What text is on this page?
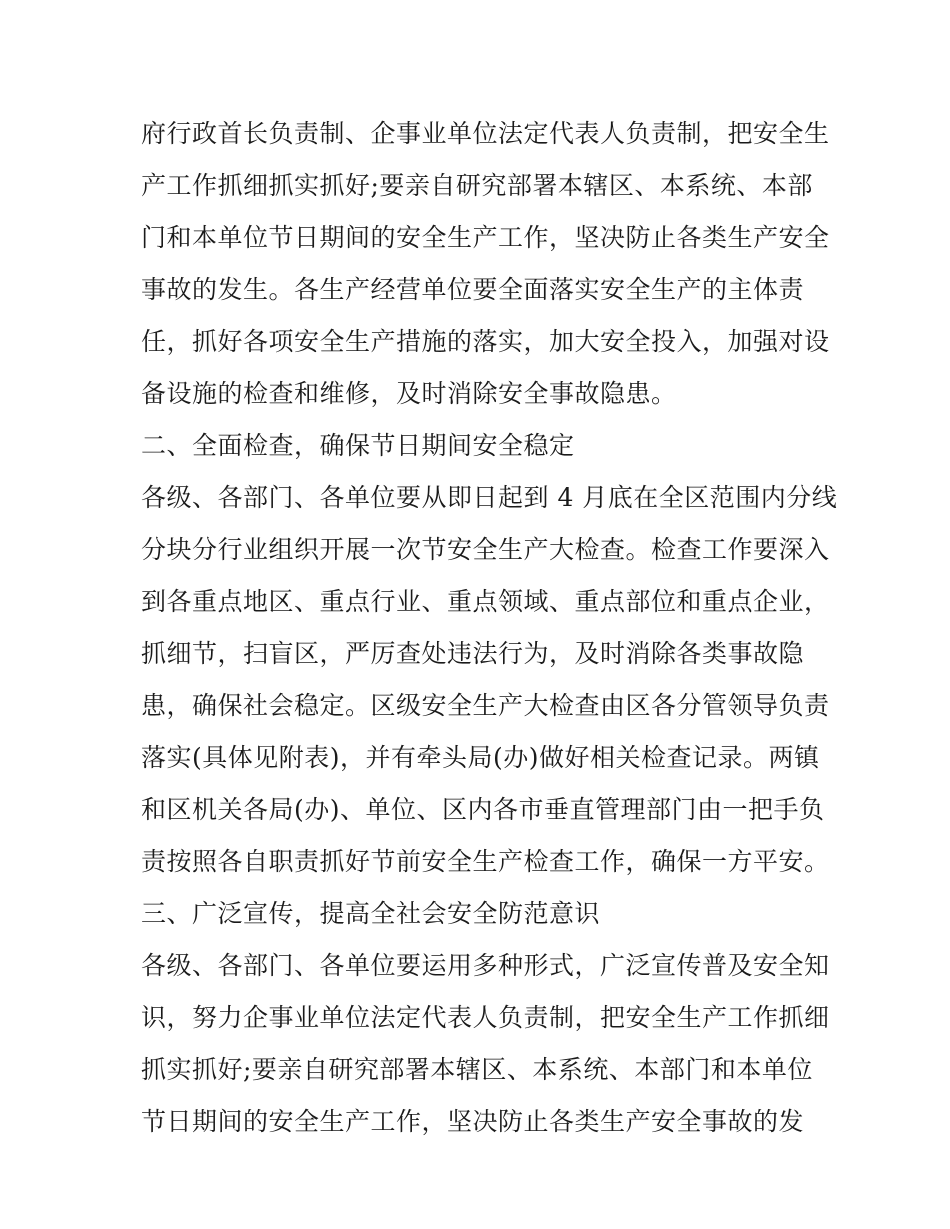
府行政首长负责制、企事业单位法定代表人负责制，把安全生
产工作抓细抓实抓好;要亲自研究部署本辖区、本系统、本部
门和本单位节日期间的安全生产工作，坚决防止各类生产安全
事故的发生。各生产经营单位要全面落实安全生产的主体责
任，抓好各项安全生产措施的落实，加大安全投入，加强对设
备设施的检查和维修，及时消除安全事故隐患。
二、全面检查，确保节日期间安全稳定
各级、各部门、各单位要从即日起到 4 月底在全区范围内分线
分块分行业组织开展一次节安全生产大检查。检查工作要深入
到各重点地区、重点行业、重点领域、重点部位和重点企业，
抓细节，扫盲区，严厉查处违法行为，及时消除各类事故隐
患，确保社会稳定。区级安全生产大检查由区各分管领导负责
落实(具体见附表)，并有牵头局(办)做好相关检查记录。两镇
和区机关各局(办)、单位、区内各市垂直管理部门由一把手负
责按照各自职责抓好节前安全生产检查工作，确保一方平安。
三、广泛宣传，提高全社会安全防范意识
各级、各部门、各单位要运用多种形式，广泛宣传普及安全知
识，努力企事业单位法定代表人负责制，把安全生产工作抓细
抓实抓好;要亲自研究部署本辖区、本系统、本部门和本单位
节日期间的安全生产工作，坚决防止各类生产安全事故的发
